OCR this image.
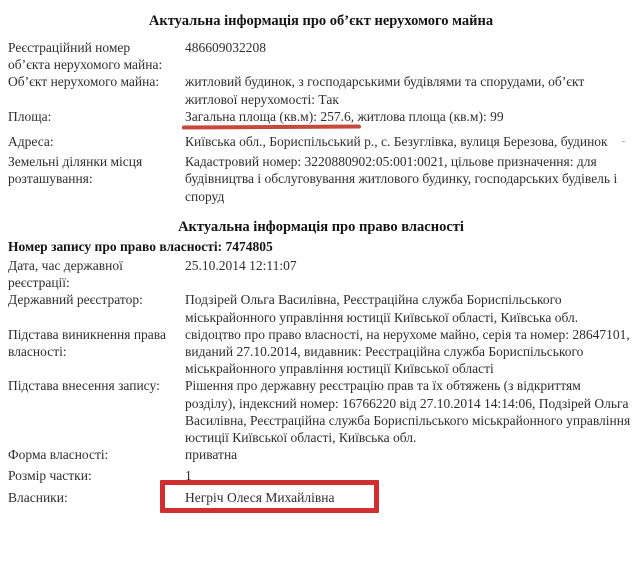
Актуальна інформація про об’єкт нерухомого майна
Реєстраційний номер об’єкта нерухомого майна:
486609032208
Об’єкт нерухомого майна:	житловий будинок, з господарськими будівлями та спорудами, об’єкт житлової нерухомості: Так
Площа:	Загальна площа (кв.м): 257.6,
житлова площа (кв.м): 99
Адреса:	Київська обл., Бориспільський р., с. Безуглівка, вулиця Березова, будинок -
Земельні ділянки місця розташування:
Кадастровий номер: 3220880902:05:001:0021, цільове призначення: для будівництва і обслуговування житлового будинку, господарських будівель і споруд
Актуальна інформація про право власності
Номер запису про право власності: 7474805
Дата, час державної реєстрації:
25.10.2014 12:11:07
Державний реєстратор:	Подзірей Ольга Василівна, Реєстраційна служба Бориспільського міськрайонного управління юстиції Київської області, Київська обл.
Підстава виникнення права власності:
свідоцтво про право власності, на нерухоме майно, серія та номер: 28647101, виданий 27.10.2014, видавник: Реєстраційна служба Бориспільського міськрайонного управління юстиції Київської області
Підстава внесення запису:	Рішення про державну реєстрацію прав та їх обтяжень (з відкриттям розділу), індексний номер: 16766220 від 27.10.2014 14:14:06, Подзірей Ольга Василівна, Реєстраційна служба Бориспільського міськрайонного управління юстиції Київської області, Київська обл.
Форма власності:	приватна
Розмір частки:	1
Власники:	Негріч Олеся Михайлівна
